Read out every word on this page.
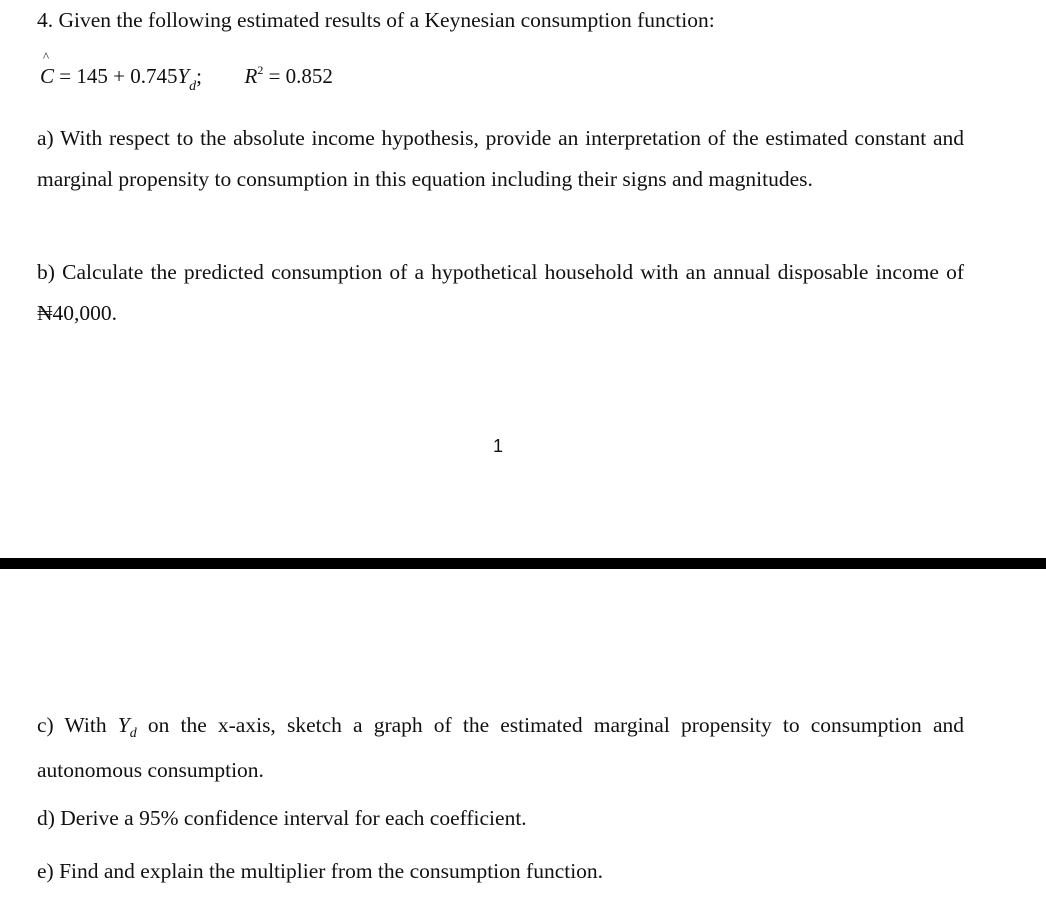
4. Given the following estimated results of a Keynesian consumption function:
^
$C = 145 + 0.745Y_d$; $R^2 = 0.852$
a) With respect to the absolute income hypothesis, provide an interpretation of the estimated constant and marginal propensity to consumption in this equation including their signs and magnitudes.
b) Calculate the predicted consumption of a hypothetical household with an annual disposable income of ₦40,000.
1
c) With $Y_d$ on the x-axis, sketch a graph of the estimated marginal propensity to consumption and autonomous consumption.
d) Derive a 95% confidence interval for each coefficient.
e) Find and explain the multiplier from the consumption function.
